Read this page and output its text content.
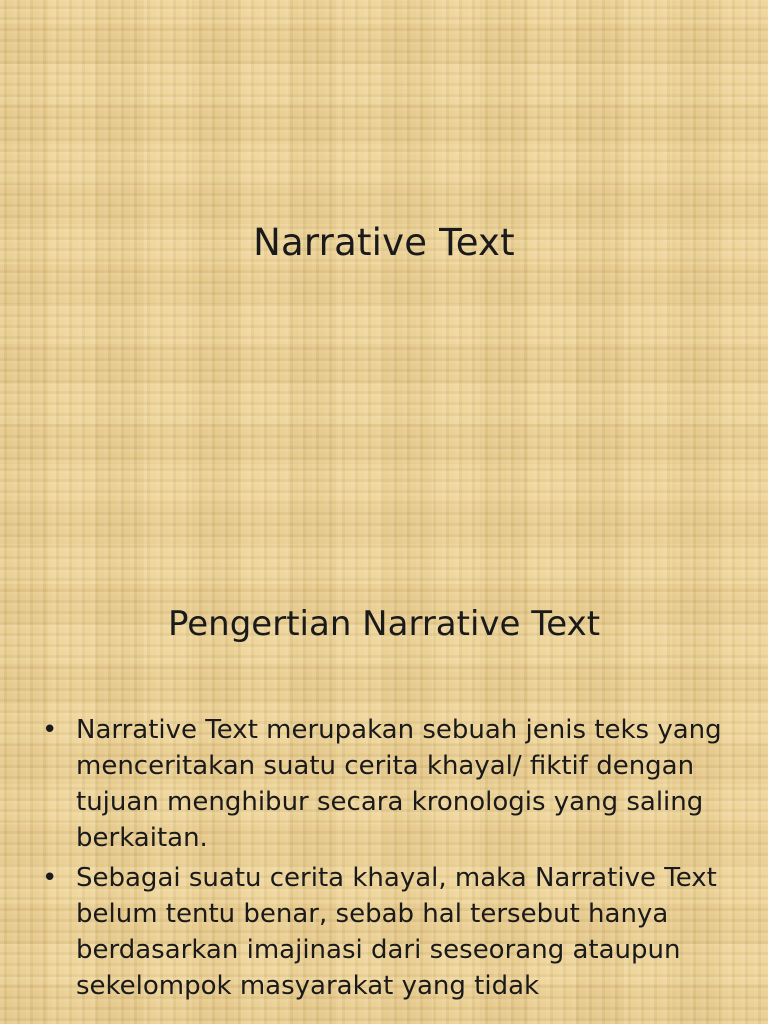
Narrative Text
Pengertian Narrative Text
• Narrative Text merupakan sebuah jenis teks yang menceritakan suatu cerita khayal/ fiktif dengan tujuan menghibur secara kronologis yang saling berkaitan.
• Sebagai suatu cerita khayal, maka Narrative Text belum tentu benar, sebab hal tersebut hanya berdasarkan imajinasi dari seseorang ataupun sekelompok masyarakat yang tidak
